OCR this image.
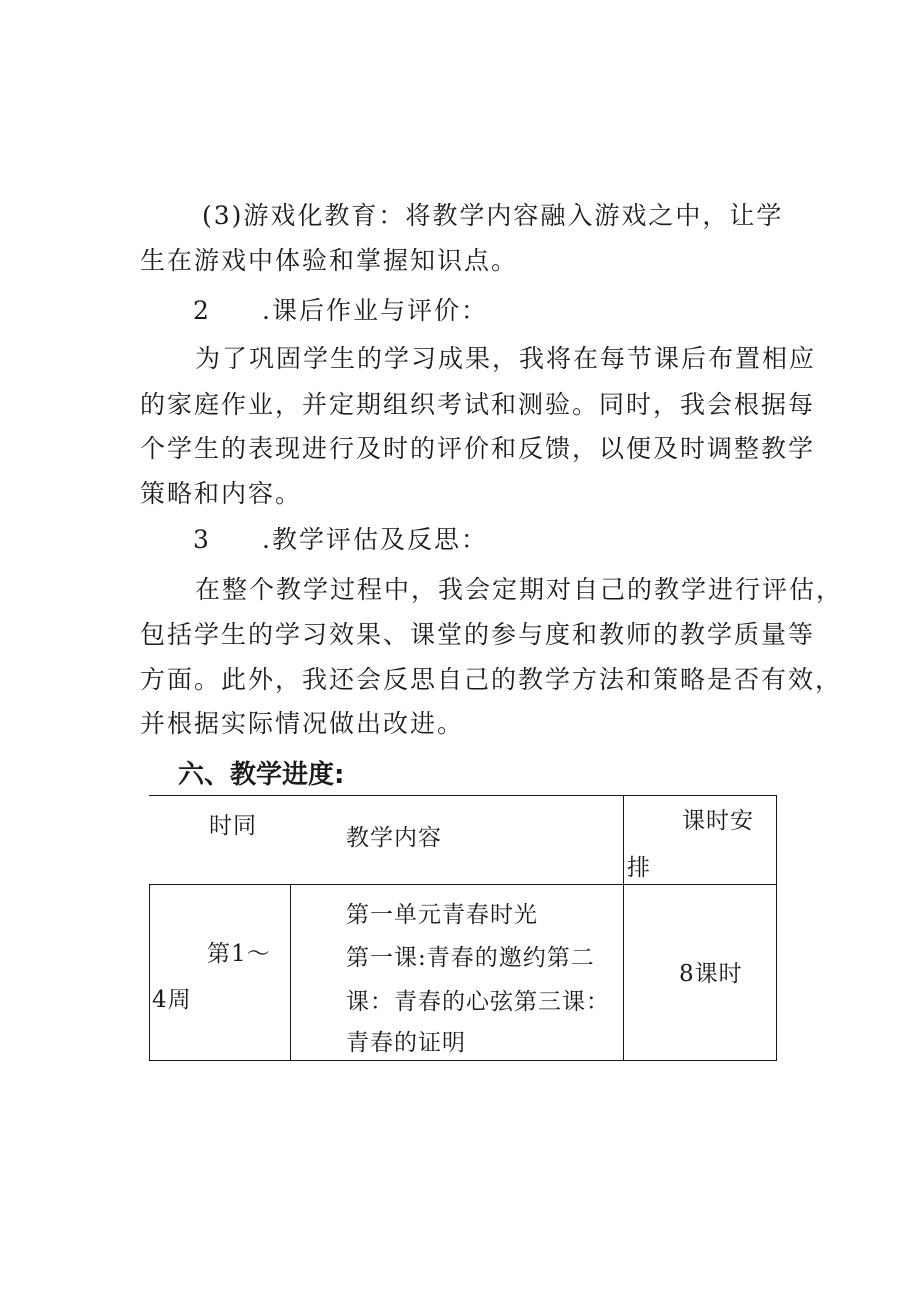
(3)游戏化教育：将教学内容融入游戏之中，让学
生在游戏中体验和掌握知识点。
2 .课后作业与评价：
为了巩固学生的学习成果，我将在每节课后布置相应
的家庭作业，并定期组织考试和测验。同时，我会根据每
个学生的表现进行及时的评价和反馈，以便及时调整教学
策略和内容。
3 .教学评估及反思：
在整个教学过程中，我会定期对自己的教学进行评估，
包括学生的学习效果、课堂的参与度和教师的教学质量等
方面。此外，我还会反思自己的教学方法和策略是否有效，
并根据实际情况做出改进。
六、教学进度:
时同	教学内容
课时安
排
第1〜
4周
第一单元青春时光
第一课:青春的邀约第二
课：青春的心弦第三课：
青春的证明
8课时
